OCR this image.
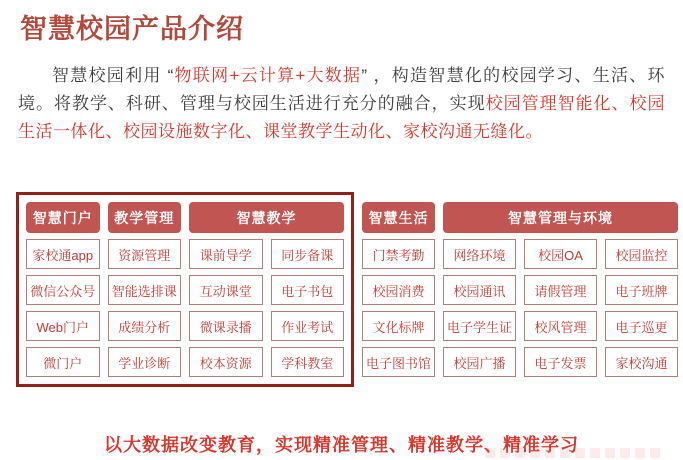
智慧校园产品介绍

智慧校园利用 “物联网+云计算+大数据” ，构造智慧化的校园学习、生活、环境。将教学、科研、管理与校园生活进行充分的融合，实现校园管理智能化、校园生活一体化、校园设施数字化、课堂教学生动化、家校沟通无缝化。

智慧门户	教学管理	智慧教学
家校通app	资源管理	课前导学	同步备课
微信公众号	智能选排课	互动课堂	电子书包
Web门户	成绩分析	微课录播	作业考试
微门户	学业诊断	校本资源	学科教室
智慧生活	智慧管理与环境
门禁考勤	网络环境	校园OA	校园监控
校园消费	校园通讯	请假管理	电子班牌
文化标牌	电子学生证	校风管理	电子巡更
电子图书馆	校园广播	电子发票	家校沟通
以大数据改变教育，实现精准管理、精准教学、精准学习
